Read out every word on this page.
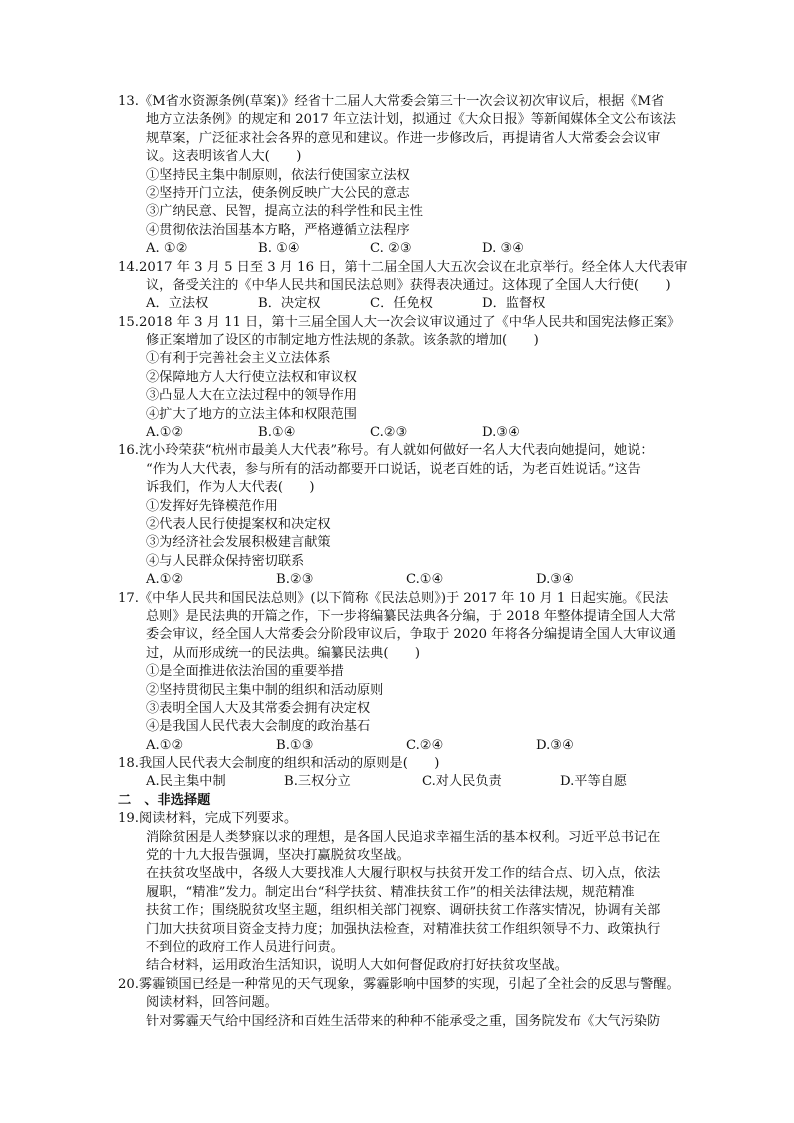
13.《M省水资源条例(草案)》经省十二届人大常委会第三十一次会议初次审议后，根据《M省
地方立法条例》的规定和 2017 年立法计划，拟通过《大众日报》等新闻媒体全文公布该法
规草案，广泛征求社会各界的意见和建议。作进一步修改后，再提请省人大常委会会议审
议。这表明该省人大(　　)
①坚持民主集中制原则，依法行使国家立法权
②坚持开门立法，使条例反映广大公民的意志
③广纳民意、民智，提高立法的科学性和民主性
④贯彻依法治国基本方略，严格遵循立法程序
A. ①②	B. ①④	C. ②③	D. ③④
14.2017 年 3 月 5 日至 3 月 16 日，第十二届全国人大五次会议在北京举行。经全体人大代表审
议，备受关注的《中华人民共和国民法总则》获得表决通过。这体现了全国人大行使(　　)
A．立法权	B．决定权	C．任免权	D．监督权
15.2018 年 3 月 11 日，第十三届全国人大一次会议审议通过了《中华人民共和国宪法修正案》
修正案增加了设区的市制定地方性法规的条款。该条款的增加(　　)
①有利于完善社会主义立法体系
②保障地方人大行使立法权和审议权
③凸显人大在立法过程中的领导作用
④扩大了地方的立法主体和权限范围
A.①②	B.①④	C.②③	D.③④
16.沈小玲荣获“杭州市最美人大代表”称号。有人就如何做好一名人大代表向她提问，她说：
“作为人大代表，参与所有的活动都要开口说话，说老百姓的话，为老百姓说话。”这告
诉我们，作为人大代表(　　)
①发挥好先锋模范作用
②代表人民行使提案权和决定权
③为经济社会发展积极建言献策
④与人民群众保持密切联系
A.①②	B.②③	C.①④	D.③④
17.《中华人民共和国民法总则》(以下简称《民法总则》)于 2017 年 10 月 1 日起实施。《民法
总则》是民法典的开篇之作，下一步将编纂民法典各分编，于 2018 年整体提请全国人大常
委会审议，经全国人大常委会分阶段审议后，争取于 2020 年将各分编提请全国人大审议通
过，从而形成统一的民法典。编纂民法典(　　)
①是全面推进依法治国的重要举措
②坚持贯彻民主集中制的组织和活动原则
③表明全国人大及其常委会拥有决定权
④是我国人民代表大会制度的政治基石
A.①②	B.①③	C.②④	D.③④
18.我国人民代表大会制度的组织和活动的原则是(　　)
A.民主集中制	B.三权分立	C.对人民负责	D.平等自愿
二　、非选择题
19.阅读材料，完成下列要求。
消除贫困是人类梦寐以求的理想，是各国人民追求幸福生活的基本权利。习近平总书记在
党的十九大报告强调，坚决打赢脱贫攻坚战。
在扶贫攻坚战中，各级人大要找准人大履行职权与扶贫开发工作的结合点、切入点，依法
履职，“精准”发力。制定出台“科学扶贫、精准扶贫工作”的相关法律法规，规范精准
扶贫工作；围绕脱贫攻坚主题，组织相关部门视察、调研扶贫工作落实情况，协调有关部
门加大扶贫项目资金支持力度；加强执法检查，对精准扶贫工作组织领导不力、政策执行
不到位的政府工作人员进行问责。
结合材料，运用政治生活知识，说明人大如何督促政府打好扶贫攻坚战。
20.雾霾锁国已经是一种常见的天气现象，雾霾影响中国梦的实现，引起了全社会的反思与警醒。
阅读材料，回答问题。
针对雾霾天气给中国经济和百姓生活带来的种种不能承受之重，国务院发布《大气污染防
